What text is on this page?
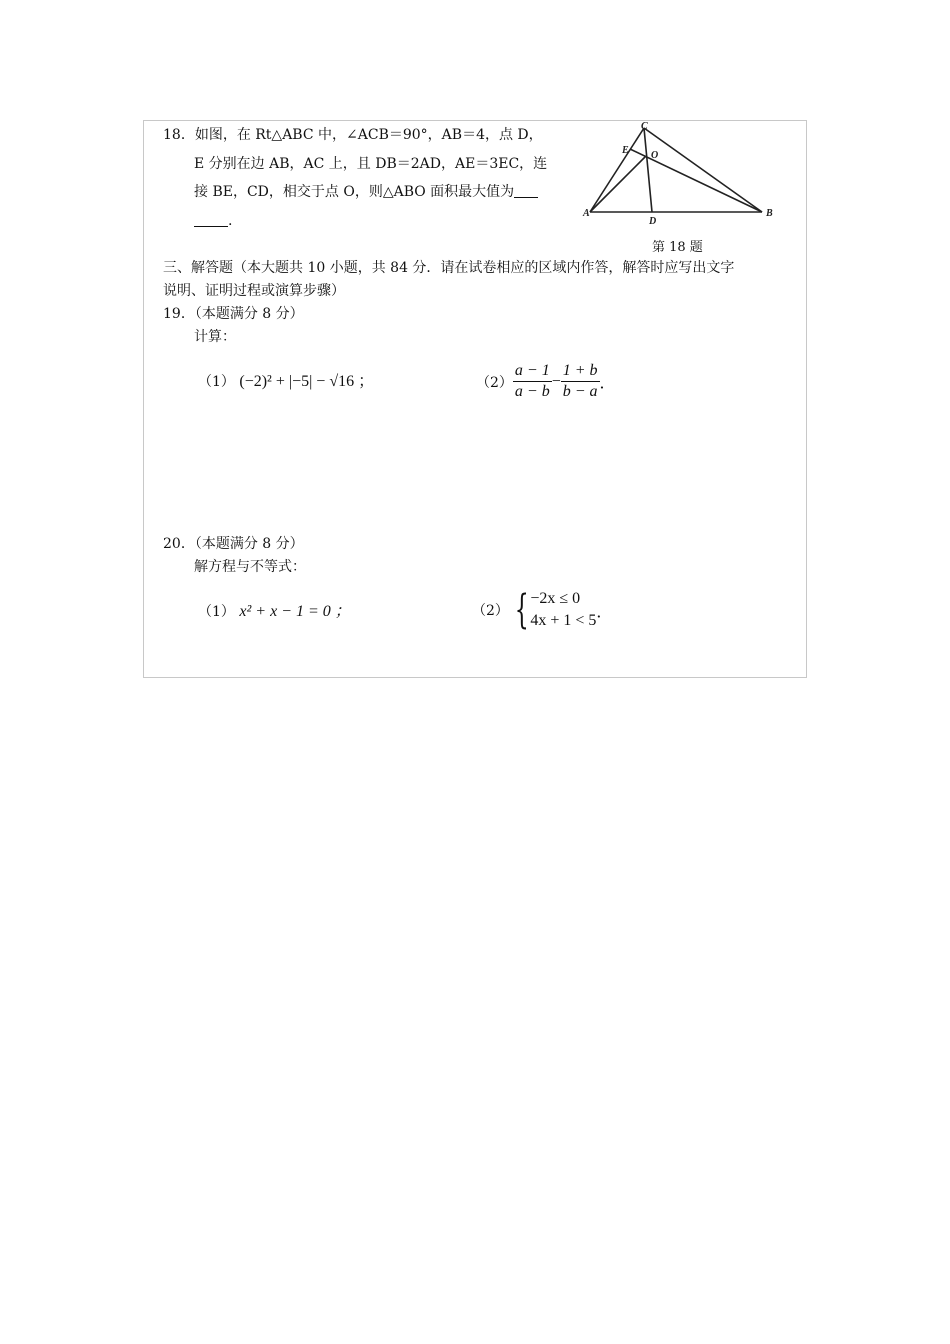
18．如图，在 Rt△ABC 中，∠ACB＝90°，AB＝4，点 D，
E 分别在边 AB，AC 上，且 DB＝2AD，AE＝3EC，连
接 BE，CD，相交于点 O，则△ABO 面积最大值为
.
C
E O
A
D
B
第 18 题
三、解答题（本大题共 10 小题，共 84 分．请在试卷相应的区域内作答，解答时应写出文字
说明、证明过程或演算步骤）
19．（本题满分 8 分）
计算：
（1） (−2)² + |−5| − √16 ；	$(2) \frac{a - 1}{a - b} - \frac{1 + b}{b - a}$ ．
20．（本题满分 8 分）
解方程与不等式：
（1） x² + x − 1 = 0 ；	（2） { −2x ≤ 0
4x + 1 < 5 ．
